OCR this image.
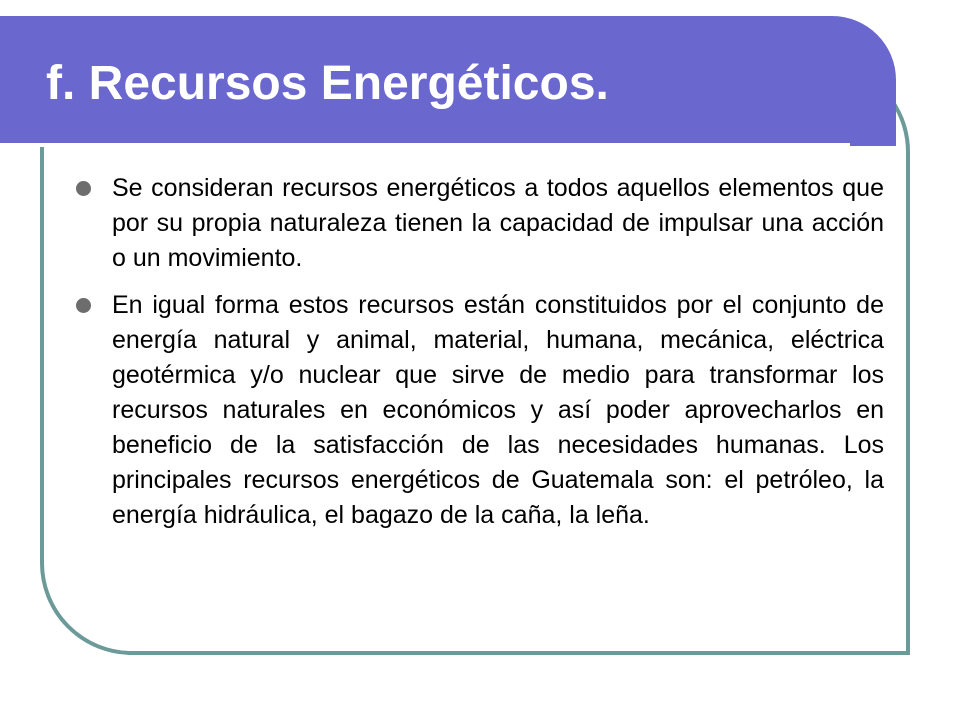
f. Recursos Energéticos.
Se consideran recursos energéticos a todos aquellos elementos que por su propia naturaleza tienen la capacidad de impulsar una acción o un movimiento.
En igual forma estos recursos están constituidos por el conjunto de energía natural y animal, material, humana, mecánica, eléctrica geotérmica y/o nuclear que sirve de medio para transformar los recursos naturales en económicos y así poder aprovecharlos en beneficio de la satisfacción de las necesidades humanas. Los principales recursos energéticos de Guatemala son: el petróleo, la energía hidráulica, el bagazo de la caña, la leña.
